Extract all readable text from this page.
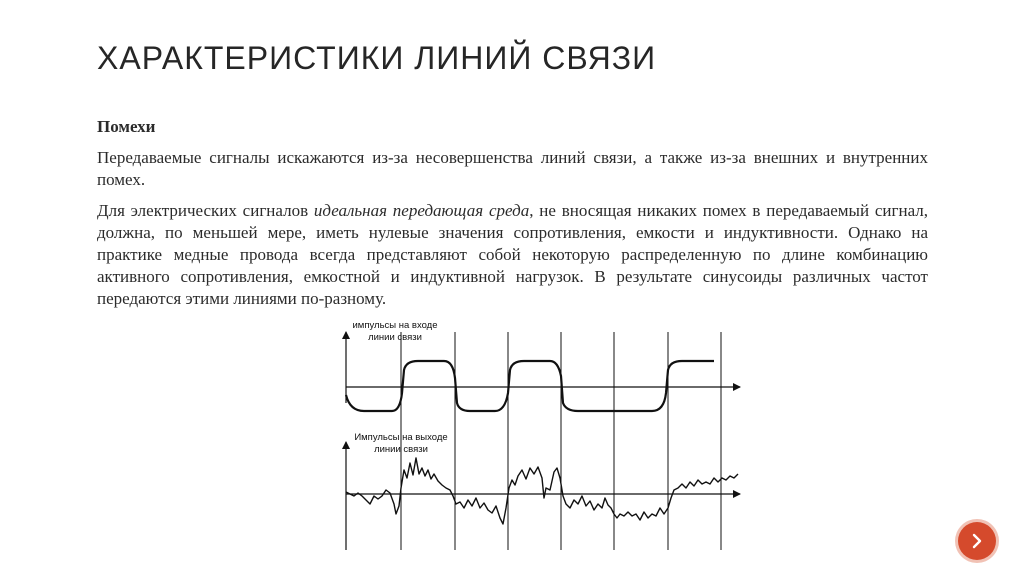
ХАРАКТЕРИСТИКИ ЛИНИЙ СВЯЗИ

Помехи

Передаваемые сигналы искажаются из-за несовершенства линий связи, а также из-за внешних и внутренних помех.

Для электрических сигналов идеальная передающая среда, не вносящая никаких помех в передаваемый сигнал, должна, по меньшей мере, иметь нулевые значения сопротивления, емкости и индуктивности. Однако на практике медные провода всегда представляют собой некоторую распределенную по длине комбинацию активного сопротивления, емкостной и индуктивной нагрузок. В результате синусоиды различных частот передаются этими линиями по-разному.

импульсы на входе
линии связи
Импульсы на выходе
линии связи
